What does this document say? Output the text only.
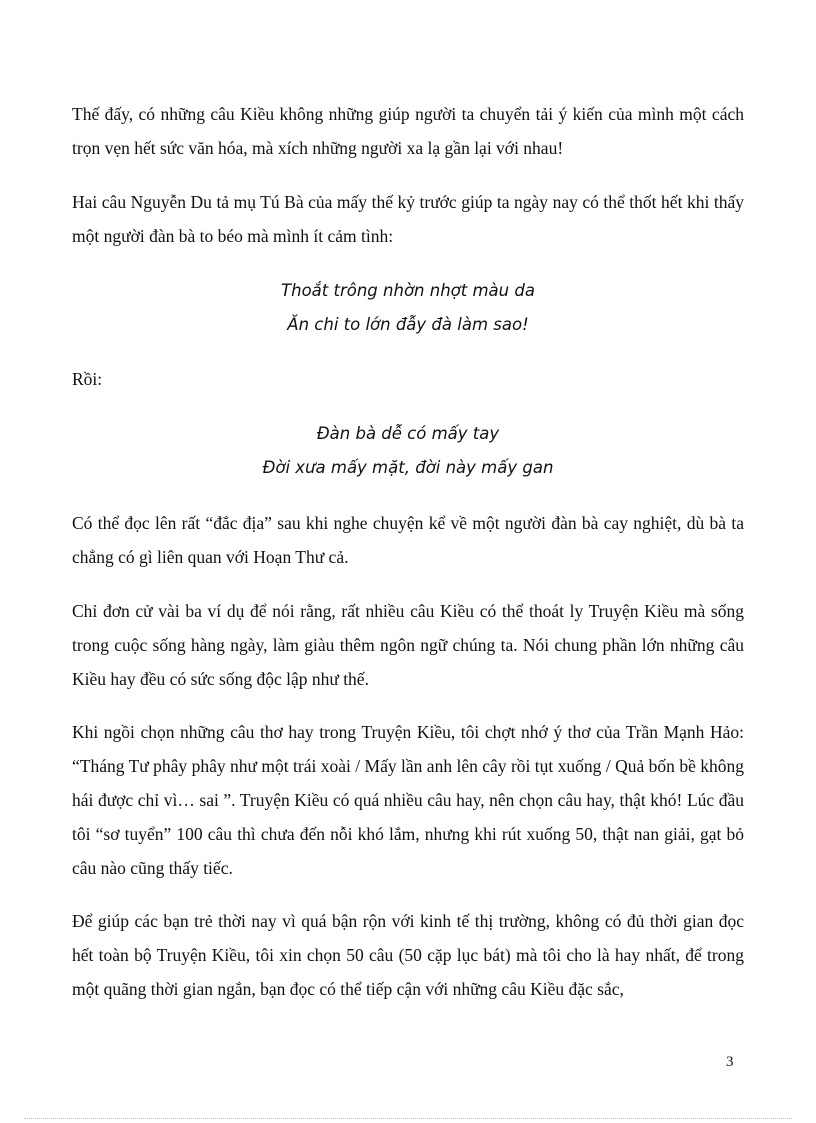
Thế đấy, có những câu Kiều không những giúp người ta chuyển tải ý kiến của mình một cách trọn vẹn hết sức văn hóa, mà xích những người xa lạ gần lại với nhau!

Hai câu Nguyễn Du tả mụ Tú Bà của mấy thế kỷ trước giúp ta ngày nay có thể thốt hết khi thấy một người đàn bà to béo mà mình ít cảm tình:

Thoắt trông nhờn nhợt màu da
Ăn chi to lớn đẫy đà làm sao!

Rồi:

Đàn bà dễ có mấy tay
Đời xưa mấy mặt, đời này mấy gan

Có thể đọc lên rất “đắc địa” sau khi nghe chuyện kể về một người đàn bà cay nghiệt, dù bà ta chẳng có gì liên quan với Hoạn Thư cả.

Chỉ đơn cử vài ba ví dụ để nói rằng, rất nhiều câu Kiều có thể thoát ly Truyện Kiều mà sống trong cuộc sống hàng ngày, làm giàu thêm ngôn ngữ chúng ta. Nói chung phần lớn những câu Kiều hay đều có sức sống độc lập như thế.

Khi ngồi chọn những câu thơ hay trong Truyện Kiều, tôi chợt nhớ ý thơ của Trần Mạnh Hảo: “Tháng Tư phây phây như một trái xoài / Mấy lần anh lên cây rồi tụt xuống / Quả bốn bề không hái được chỉ vì… sai ”. Truyện Kiều có quá nhiều câu hay, nên chọn câu hay, thật khó! Lúc đầu tôi “sơ tuyển” 100 câu thì chưa đến nỗi khó lắm, nhưng khi rút xuống 50, thật nan giải, gạt bỏ câu nào cũng thấy tiếc.

Để giúp các bạn trẻ thời nay vì quá bận rộn với kinh tế thị trường, không có đủ thời gian đọc hết toàn bộ Truyện Kiều, tôi xin chọn 50 câu (50 cặp lục bát) mà tôi cho là hay nhất, để trong một quãng thời gian ngắn, bạn đọc có thể tiếp cận với những câu Kiều đặc sắc,

3
